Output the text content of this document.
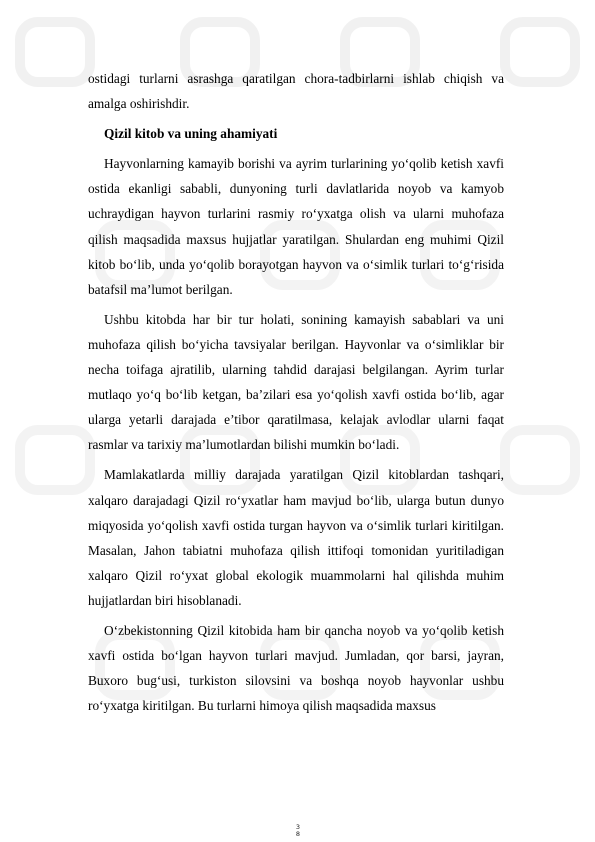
ostidagi turlarni asrashga qaratilgan chora-tadbirlarni ishlab chiqish va amalga oshirishdir.

Qizil kitob va uning ahamiyati

Hayvonlarning kamayib borishi va ayrim turlarining yo‘qolib ketish xavfi ostida ekanligi sababli, dunyoning turli davlatlarida noyob va kamyob uchraydigan hayvon turlarini rasmiy ro‘yxatga olish va ularni muhofaza qilish maqsadida maxsus hujjatlar yaratilgan. Shulardan eng muhimi Qizil kitob bo‘lib, unda yo‘qolib borayotgan hayvon va o‘simlik turlari to‘g‘risida batafsil ma’lumot berilgan.

Ushbu kitobda har bir tur holati, sonining kamayish sabablari va uni muhofaza qilish bo‘yicha tavsiyalar berilgan. Hayvonlar va o‘simliklar bir necha toifaga ajratilib, ularning tahdid darajasi belgilangan. Ayrim turlar mutlaqo yo‘q bo‘lib ketgan, ba’zilari esa yo‘qolish xavfi ostida bo‘lib, agar ularga yetarli darajada e’tibor qaratilmasa, kelajak avlodlar ularni faqat rasmlar va tarixiy ma’lumotlardan bilishi mumkin bo‘ladi.

Mamlakatlarda milliy darajada yaratilgan Qizil kitoblardan tashqari, xalqaro darajadagi Qizil ro‘yxatlar ham mavjud bo‘lib, ularga butun dunyo miqyosida yo‘qolish xavfi ostida turgan hayvon va o‘simlik turlari kiritilgan. Masalan, Jahon tabiatni muhofaza qilish ittifoqi tomonidan yuritiladigan xalqaro Qizil ro‘yxat global ekologik muammolarni hal qilishda muhim hujjatlardan biri hisoblanadi.

O‘zbekistonning Qizil kitobida ham bir qancha noyob va yo‘qolib ketish xavfi ostida bo‘lgan hayvon turlari mavjud. Jumladan, qor barsi, jayran, Buxoro bug‘usi, turkiston silovsini va boshqa noyob hayvonlar ushbu ro‘yxatga kiritilgan. Bu turlarni himoya qilish maqsadida maxsus

3
8
